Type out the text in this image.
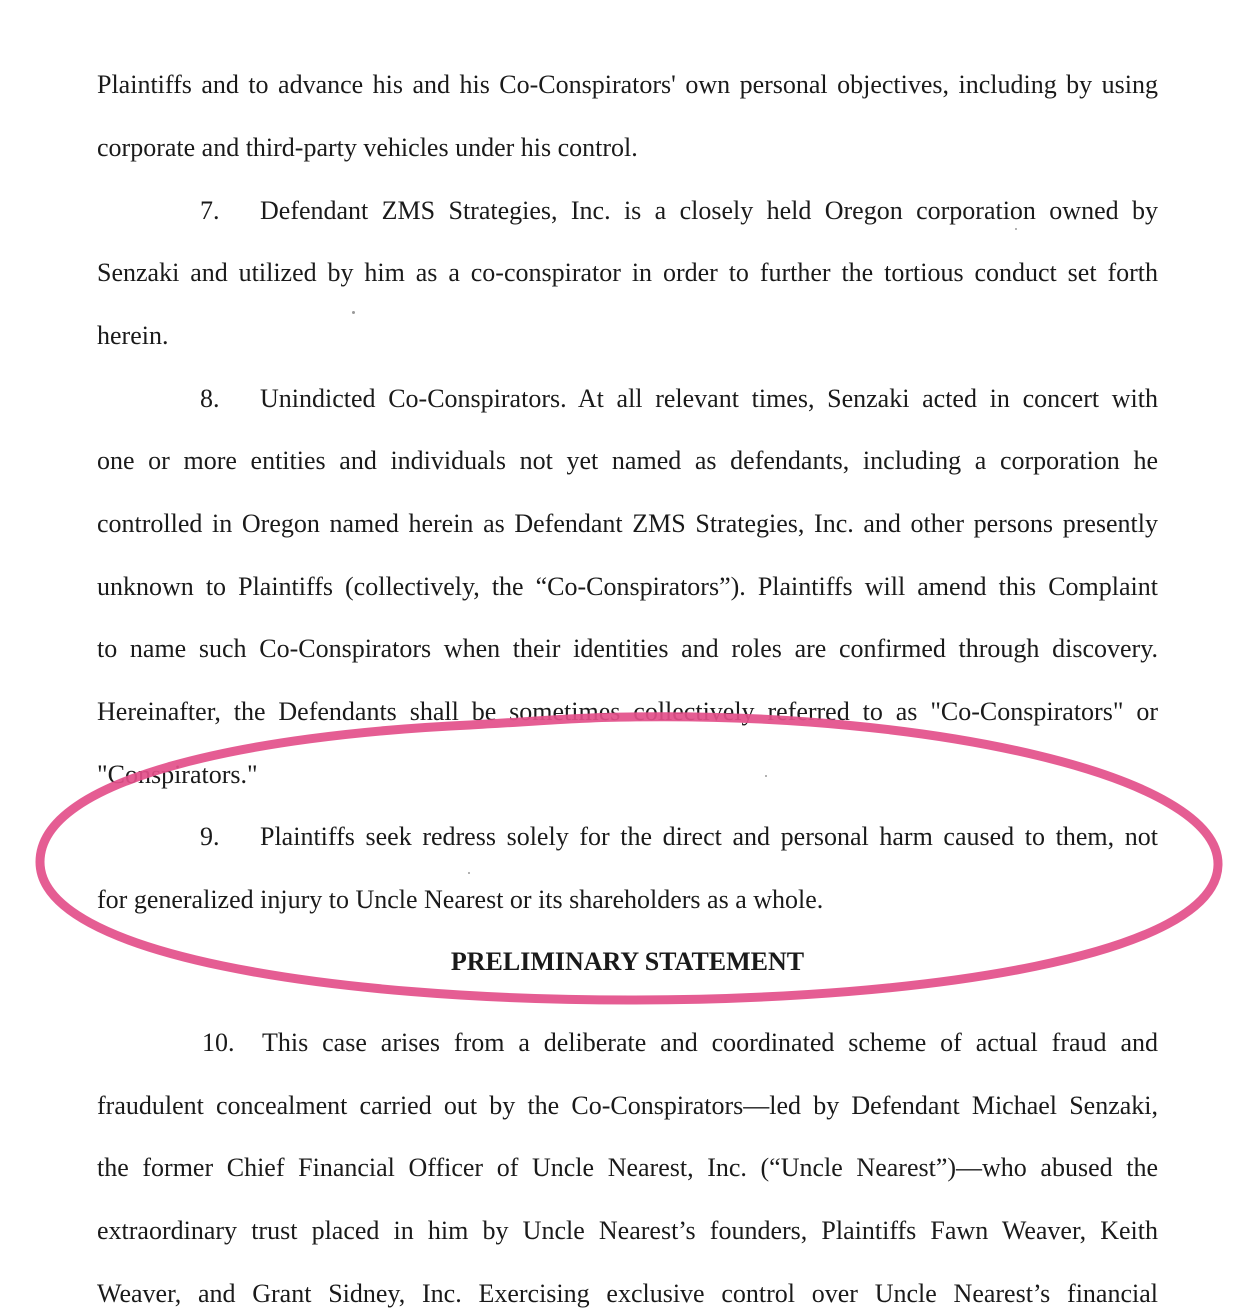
Plaintiffs and to advance his and his Co-Conspirators' own personal objectives, including by using
corporate and third-party vehicles under his control.
7. Defendant ZMS Strategies, Inc. is a closely held Oregon corporation owned by
Senzaki and utilized by him as a co-conspirator in order to further the tortious conduct set forth
herein.
8. Unindicted Co-Conspirators. At all relevant times, Senzaki acted in concert with
one or more entities and individuals not yet named as defendants, including a corporation he
controlled in Oregon named herein as Defendant ZMS Strategies, Inc. and other persons presently
unknown to Plaintiffs (collectively, the “Co-Conspirators”). Plaintiffs will amend this Complaint
to name such Co-Conspirators when their identities and roles are confirmed through discovery.
Hereinafter, the Defendants shall be sometimes collectively referred to as "Co-Conspirators" or
"Conspirators."
9. Plaintiffs seek redress solely for the direct and personal harm caused to them, not
for generalized injury to Uncle Nearest or its shareholders as a whole.
PRELIMINARY STATEMENT
10. This case arises from a deliberate and coordinated scheme of actual fraud and
fraudulent concealment carried out by the Co-Conspirators—led by Defendant Michael Senzaki,
the former Chief Financial Officer of Uncle Nearest, Inc. (“Uncle Nearest”)—who abused the
extraordinary trust placed in him by Uncle Nearest’s founders, Plaintiffs Fawn Weaver, Keith
Weaver, and Grant Sidney, Inc. Exercising exclusive control over Uncle Nearest’s financial
